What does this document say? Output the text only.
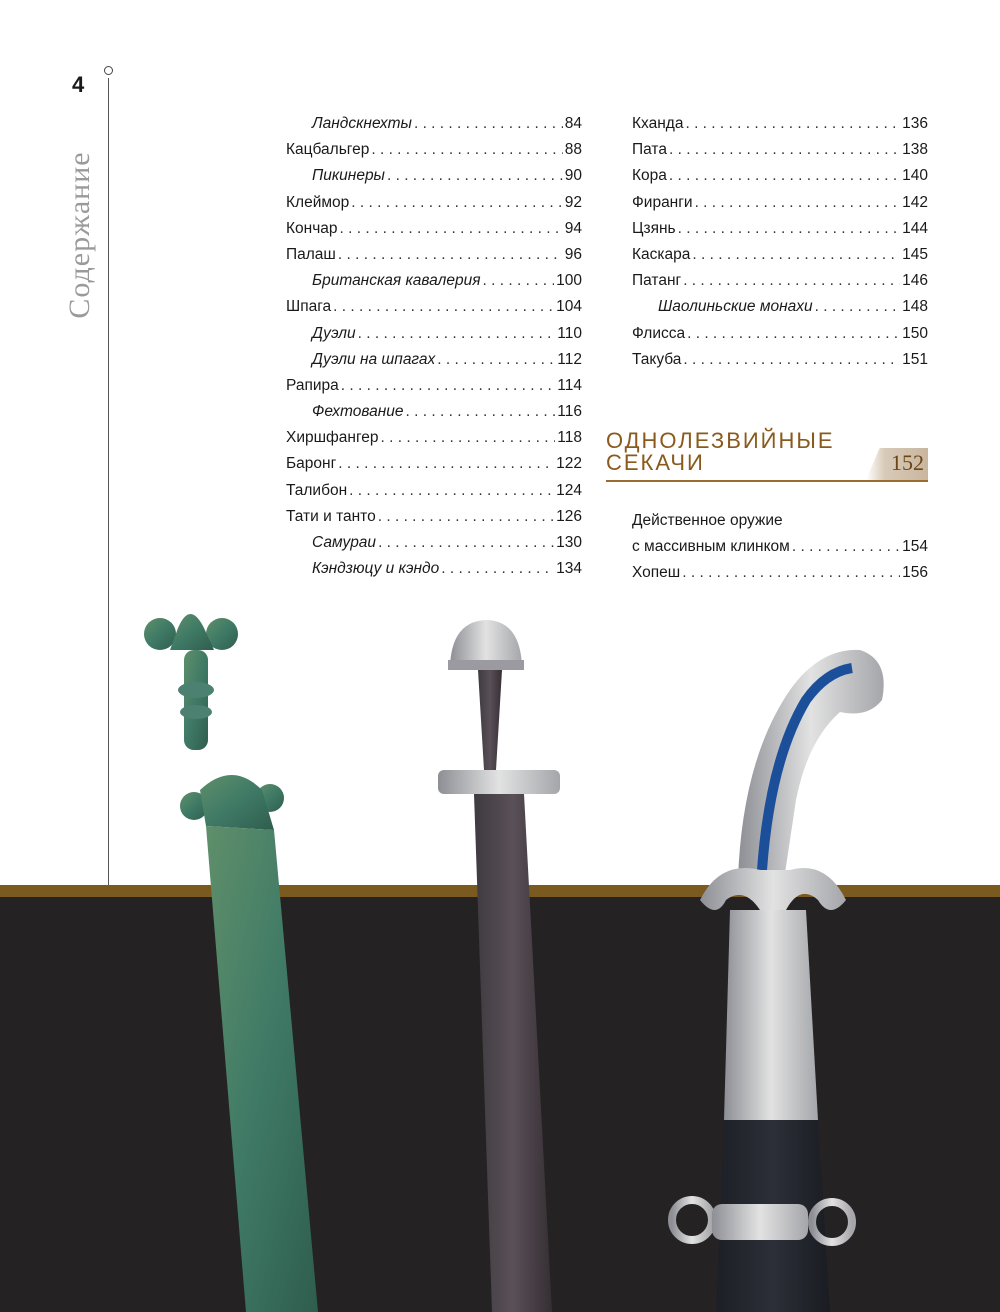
4
Содержание
Ландскнехты . . .	84
Кацбальгер . . .	88
Пикинеры . . .	90
Клеймор . . .	92
Кончар . . .	94
Палаш . . .	96
Британская кавалерия . . .	100
Шпага . . .	104
Дуэли . . .	110
Дуэли на шпагах . . .	112
Рапира . . .	114
Фехтование . . .	116
Хиршфангер . . .	118
Баронг . . .	122
Талибон . . .	124
Тати и танто . . .	126
Самураи . . .	130
Кэндзюцу и кэндо . . .	134
Кханда . . .	136
Пата . . .	138
Кора . . .	140
Фиранги . . .	142
Цзянь . . .	144
Каскара . . .	145
Патанг . . .	146
Шаолиньские монахи . . .	148
Флисса . . .	150
Такуба . . .	151
ОДНОЛЕЗВИЙНЫЕ
СЕКАЧИ	152
Действенное оружие
с массивным клинком . . .	154
Хопеш . . .	156
